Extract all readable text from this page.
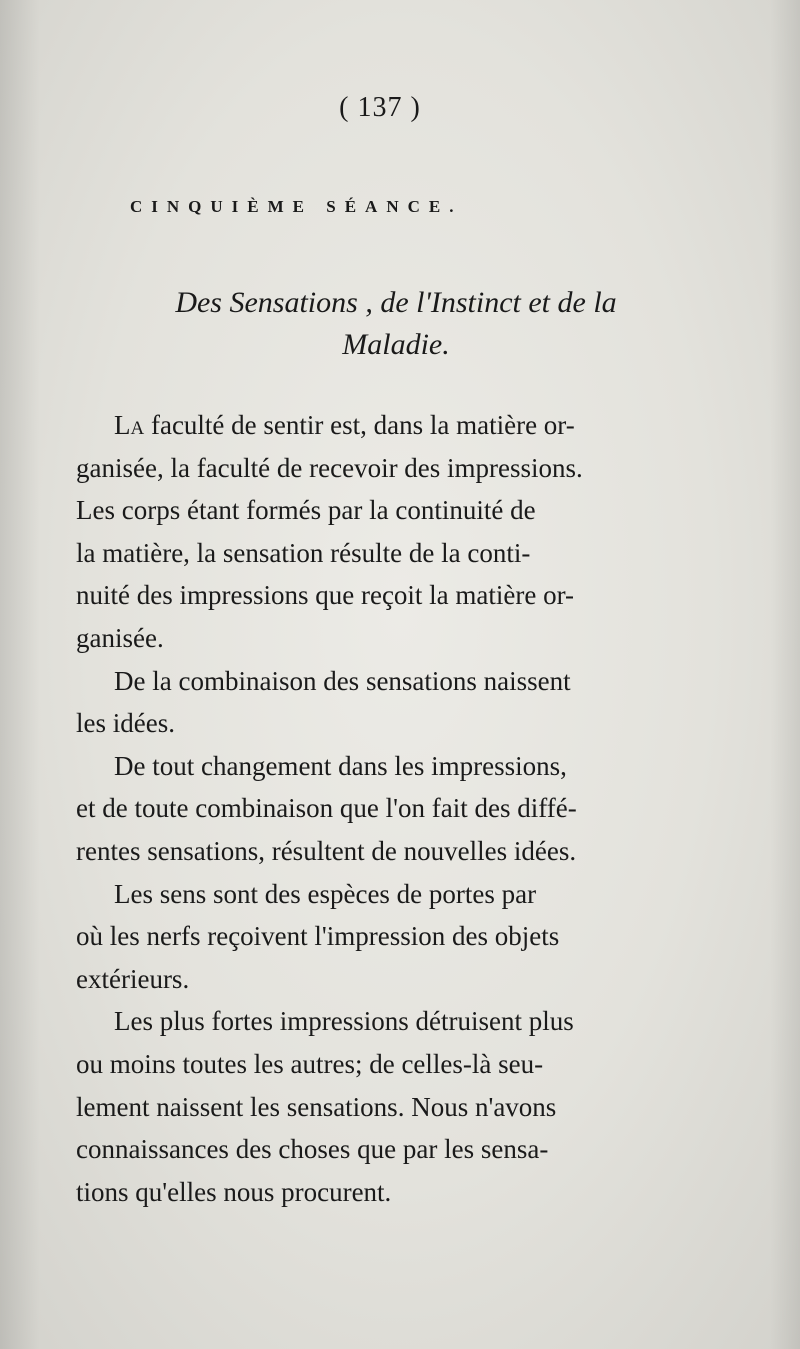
( 137 )
CINQUIÈME SÉANCE.
Des Sensations , de l'Instinct et de la
Maladie.

La faculté de sentir est, dans la matière or-
ganisée, la faculté de recevoir des impressions.
Les corps étant formés par la continuité de
la matière, la sensation résulte de la conti-
nuité des impressions que reçoit la matière or-
ganisée.

De la combinaison des sensations naissent
les idées.

De tout changement dans les impressions,
et de toute combinaison que l'on fait des diffé-
rentes sensations, résultent de nouvelles idées.

Les sens sont des espèces de portes par
où les nerfs reçoivent l'impression des objets
extérieurs.

Les plus fortes impressions détruisent plus
ou moins toutes les autres; de celles-là seu-
lement naissent les sensations. Nous n'avons
connaissances des choses que par les sensa-
tions qu'elles nous procurent.
